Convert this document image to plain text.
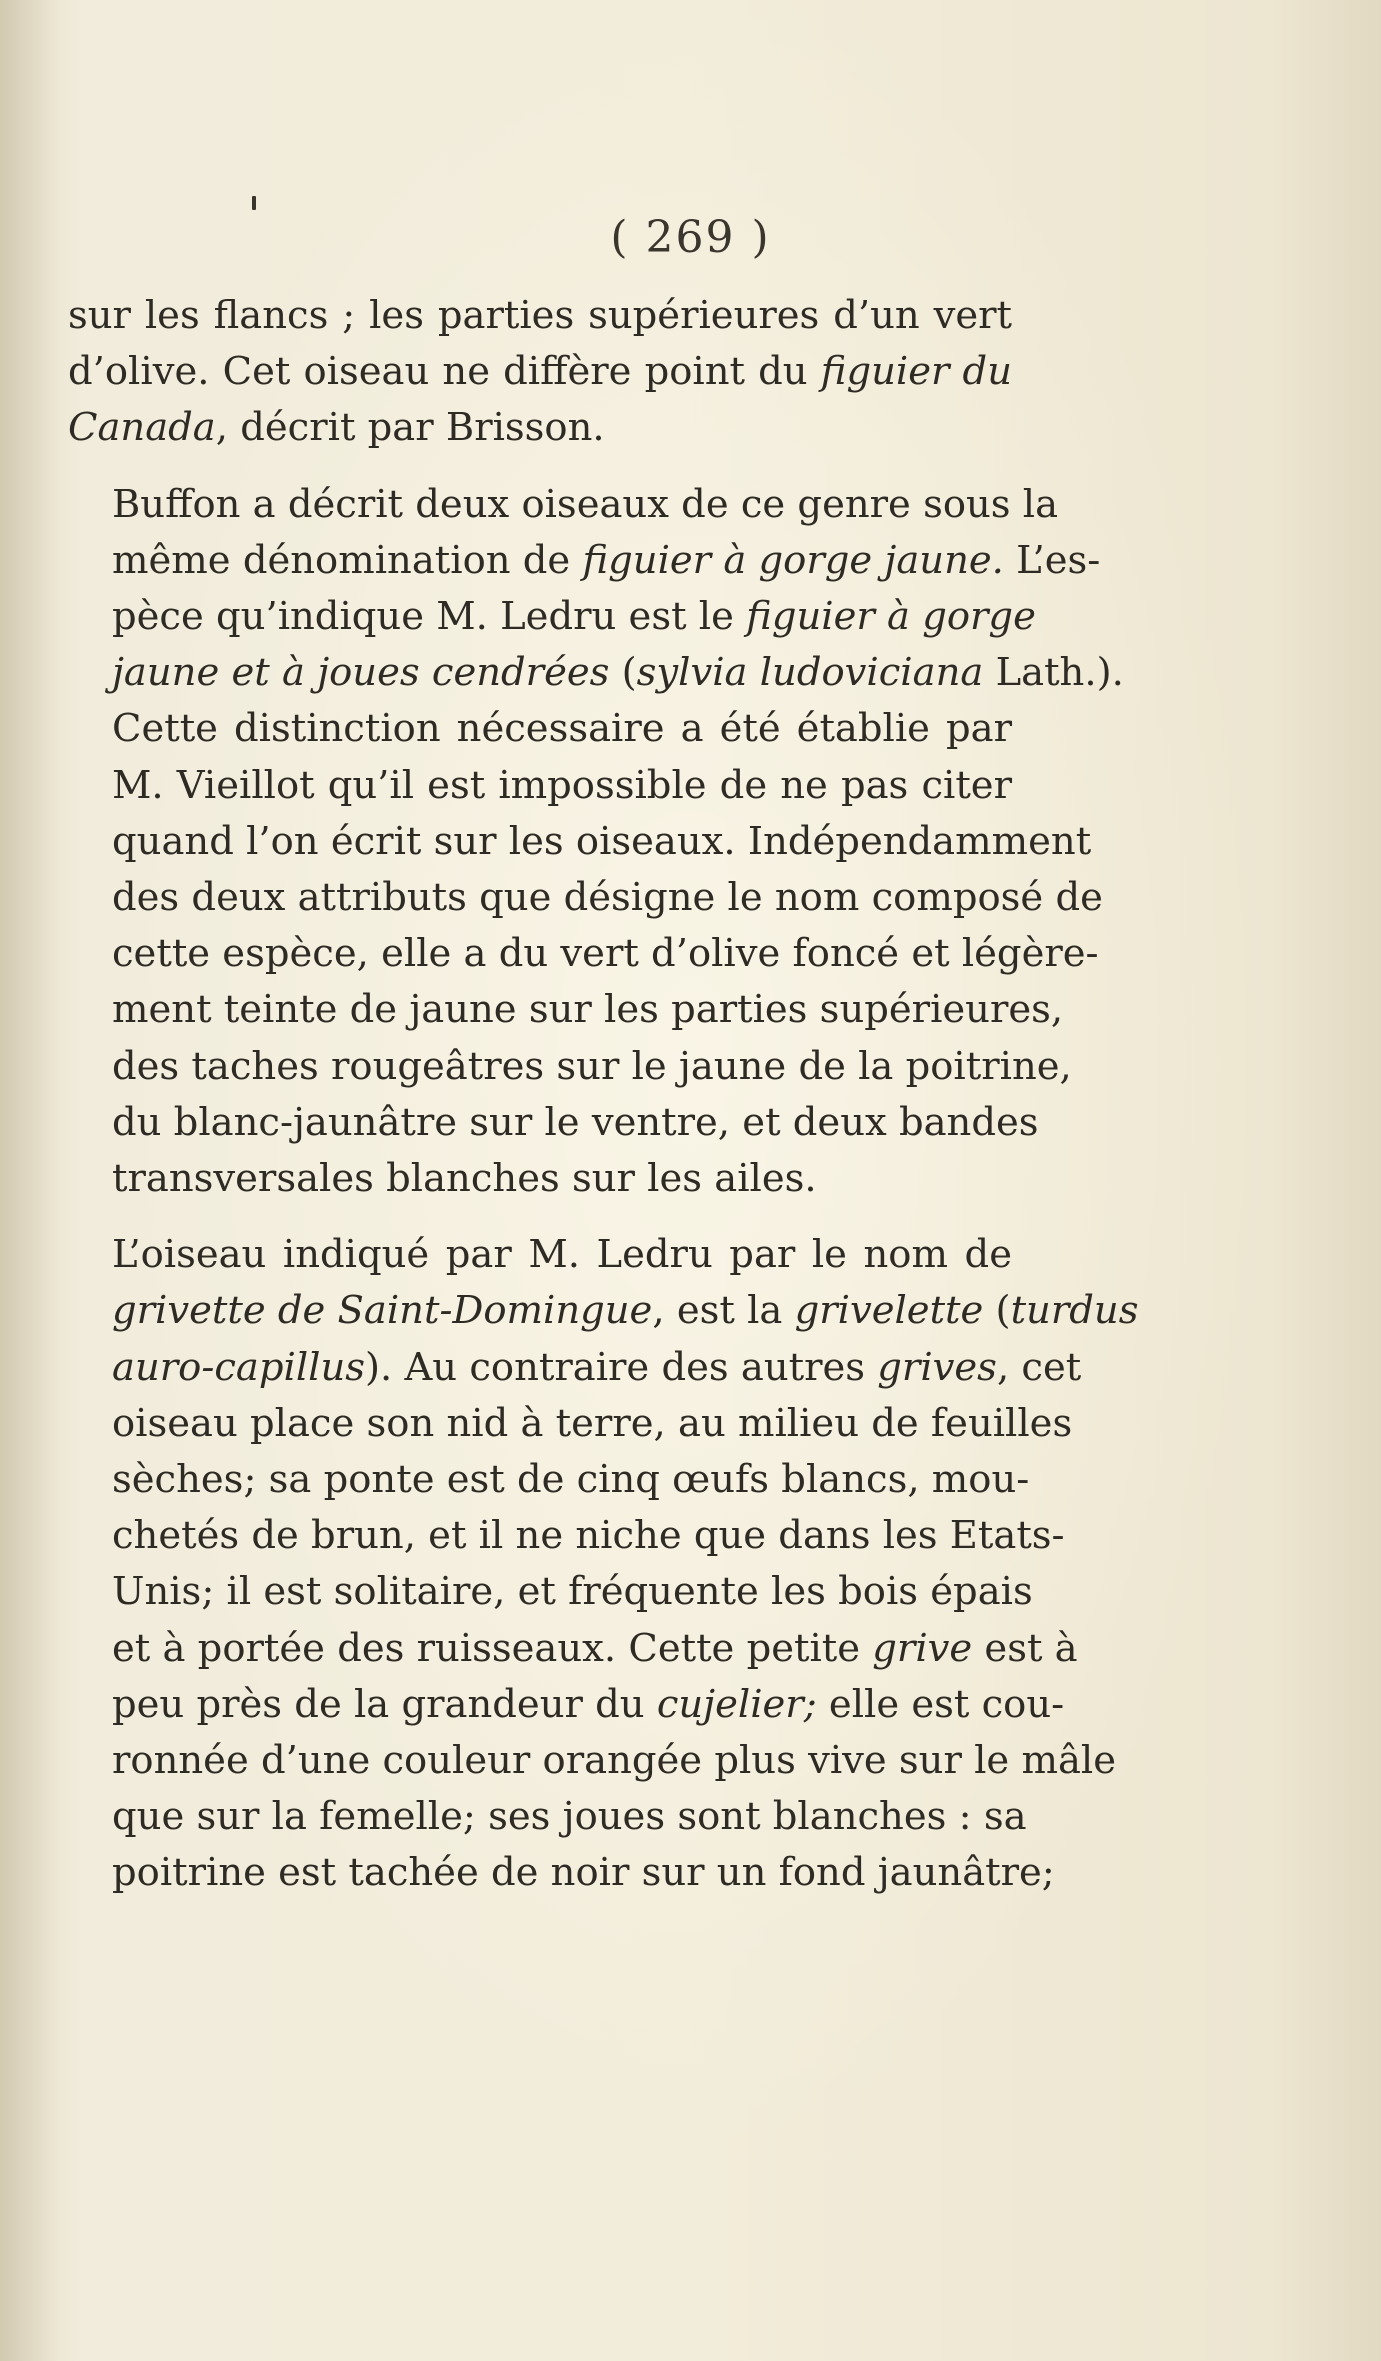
( 269 )
sur les flancs ; les parties supérieures d’un vert
d’olive. Cet oiseau ne diffère point du figuier du
Canada, décrit par Brisson.
Buffon a décrit deux oiseaux de ce genre sous la
même dénomination de figuier à gorge jaune. L’es-
pèce qu’indique M. Ledru est le figuier à gorge
jaune et à joues cendrées (sylvia ludoviciana Lath.).
Cette distinction nécessaire a été établie par
M. Vieillot qu’il est impossible de ne pas citer
quand l’on écrit sur les oiseaux. Indépendamment
des deux attributs que désigne le nom composé de
cette espèce, elle a du vert d’olive foncé et légère-
ment teinte de jaune sur les parties supérieures,
des taches rougeâtres sur le jaune de la poitrine,
du blanc-jaunâtre sur le ventre, et deux bandes
transversales blanches sur les ailes.
L’oiseau indiqué par M. Ledru par le nom de
grivette de Saint-Domingue, est la grivelette (turdus
auro-capillus). Au contraire des autres grives, cet
oiseau place son nid à terre, au milieu de feuilles
sèches; sa ponte est de cinq œufs blancs, mou-
chetés de brun, et il ne niche que dans les Etats-
Unis; il est solitaire, et fréquente les bois épais
et à portée des ruisseaux. Cette petite grive est à
peu près de la grandeur du cujelier; elle est cou-
ronnée d’une couleur orangée plus vive sur le mâle
que sur la femelle; ses joues sont blanches : sa
poitrine est tachée de noir sur un fond jaunâtre;
